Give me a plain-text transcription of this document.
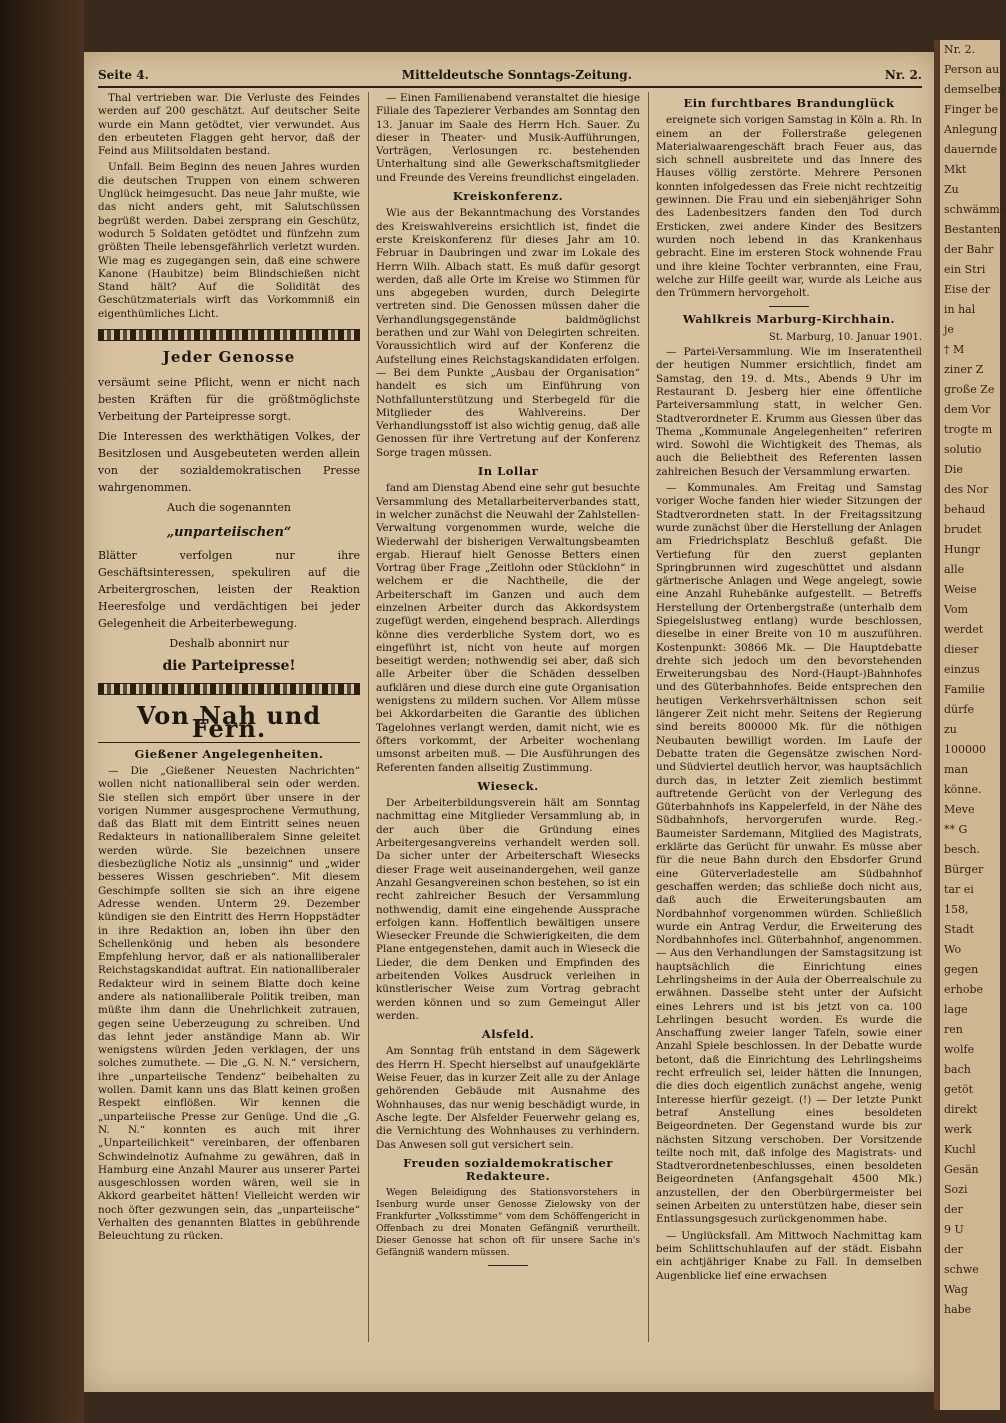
Seite 4.	Mitteldeutsche Sonntags-Zeitung.	Nr. 2.

Thal vertrieben war. Die Verluste des Feindes werden auf 200 geschätzt. Auf deutscher Seite wurde ein Mann getödtet, vier verwundet. Aus den erbeuteten Flaggen geht hervor, daß der Feind aus Militsoldaten bestand.

Unfall. Beim Beginn des neuen Jahres wurden die deutschen Truppen von einem schweren Unglück heimgesucht. Das neue Jahr mußte, wie das nicht anders geht, mit Salutschüssen begrüßt werden. Dabei zersprang ein Geschütz, wodurch 5 Soldaten getödtet und fünfzehn zum größten Theile lebensgefährlich verletzt wurden. Wie mag es zugegangen sein, daß eine schwere Kanone (Haubitze) beim Blindschießen nicht Stand hält? Auf die Solidität des Geschützmaterials wirft das Vorkommniß ein eigenthümliches Licht.

Jeder Genosse

versäumt seine Pflicht, wenn er nicht nach besten Kräften für die größtmöglichste Verbeitung der Parteipresse sorgt.

Die Interessen des werkthätigen Volkes, der Besitzlosen und Ausgebeuteten werden allein von der sozialdemokratischen Presse wahrgenommen.

Auch die sogenannten

„unparteiischen“

Blätter verfolgen nur ihre Geschäftsinteressen, spekuliren auf die Arbeitergroschen, leisten der Reaktion Heeresfolge und verdächtigen bei jeder Gelegenheit die Arbeiterbewegung.

Deshalb abonnirt nur

die Parteipresse!
Von Nah und Fern.
Gießener Angelegenheiten.

— Die „Gießener Neuesten Nachrichten“ wollen nicht nationalliberal sein oder werden. Sie stellen sich empört über unsere in der vorigen Nummer ausgesprochene Vermuthung, daß das Blatt mit dem Eintritt seines neuen Redakteurs in nationalliberalem Sinne geleitet werden würde. Sie bezeichnen unsere diesbezügliche Notiz als „unsinnig“ und „wider besseres Wissen geschrieben“. Mit diesem Geschimpfe sollten sie sich an ihre eigene Adresse wenden. Unterm 29. Dezember kündigen sie den Eintritt des Herrn Hoppstädter in ihre Redaktion an, loben ihn über den Schellenkönig und heben als besondere Empfehlung hervor, daß er als nationalliberaler Reichstagskandidat auftrat. Ein nationalliberaler Redakteur wird in seinem Blatte doch keine andere als nationalliberale Politik treiben, man müßte ihm dann die Unehrlichkeit zutrauen, gegen seine Ueberzeugung zu schreiben. Und das lehnt jeder anständige Mann ab. Wir wenigstens würden Jeden verklagen, der uns solches zumuthete. — Die „G. N. N.“ versichern, ihre „unparteiische Tendenz“ beibehalten zu wollen. Damit kann uns das Blatt keinen großen Respekt einflößen. Wir kennen die „unparteiische Presse zur Genüge. Und die „G. N. N.“ konnten es auch mit ihrer „Unparteilichkeit“ vereinbaren, der offenbaren Schwindelnotiz Aufnahme zu gewähren, daß in Hamburg eine Anzahl Maurer aus unserer Partei ausgeschlossen worden wären, weil sie in Akkord gearbeitet hätten! Vielleicht werden wir noch öfter gezwungen sein, das „unparteiische“ Verhalten des genannten Blattes in gebührende Beleuchtung zu rücken.

— Einen Familienabend veranstaltet die hiesige Filiale des Tapezierer Verbandes am Sonntag den 13. Januar im Saale des Herrn Hch. Sauer. Zu dieser in Theater- und Musik-Aufführungen, Vorträgen, Verlosungen rc. bestehenden Unterhaltung sind alle Gewerkschaftsmitglieder und Freunde des Vereins freundlichst eingeladen.

Kreiskonferenz.

Wie aus der Bekanntmachung des Vorstandes des Kreiswahlvereins ersichtlich ist, findet die erste Kreiskonferenz für dieses Jahr am 10. Februar in Daubringen und zwar im Lokale des Herrn Wilh. Albach statt. Es muß dafür gesorgt werden, daß alle Orte im Kreise wo Stimmen für uns abgegeben wurden, durch Delegirte vertreten sind. Die Genossen müssen daher die Verhandlungsgegenstände baldmöglichst berathen und zur Wahl von Delegirten schreiten. Voraussichtlich wird auf der Konferenz die Aufstellung eines Reichstagskandidaten erfolgen. — Bei dem Punkte „Ausbau der Organisation“ handelt es sich um Einführung von Nothfallunterstützung und Sterbegeld für die Mitglieder des Wahlvereins. Der Verhandlungsstoff ist also wichtig genug, daß alle Genossen für ihre Vertretung auf der Konferenz Sorge tragen müssen.

In Lollar

fand am Dienstag Abend eine sehr gut besuchte Versammlung des Metallarbeiterverbandes statt, in welcher zunächst die Neuwahl der Zahlstellen-Verwaltung vorgenommen wurde, welche die Wiederwahl der bisherigen Verwaltungsbeamten ergab. Hierauf hielt Genosse Betters einen Vortrag über Frage „Zeitlohn oder Stücklohn“ in welchem er die Nachtheile, die der Arbeiterschaft im Ganzen und auch dem einzelnen Arbeiter durch das Akkordsystem zugefügt werden, eingehend besprach. Allerdings könne dies verderbliche System dort, wo es eingeführt ist, nicht von heute auf morgen beseitigt werden; nothwendig sei aber, daß sich alle Arbeiter über die Schäden desselben aufklären und diese durch eine gute Organisation wenigstens zu mildern suchen. Vor Allem müsse bei Akkordarbeiten die Garantie des üblichen Tagelohnes verlangt werden, damit nicht, wie es öfters vorkommt, der Arbeiter wochenlang umsonst arbeiten muß. — Die Ausführungen des Referenten fanden allseitig Zustimmung.

Wieseck.

Der Arbeiterbildungsverein hält am Sonntag nachmittag eine Mitglieder Versammlung ab, in der auch über die Gründung eines Arbeitergesangvereins verhandelt werden soll. Da sicher unter der Arbeiterschaft Wiesecks dieser Frage weit auseinandergehen, weil ganze Anzahl Gesangvereinen schon bestehen, so ist ein recht zahlreicher Besuch der Versammlung nothwendig, damit eine eingehende Aussprache erfolgen kann. Hoffentlich bewältigen unsere Wiesecker Freunde die Schwierigkeiten, die dem Plane entgegenstehen, damit auch in Wieseck die Lieder, die dem Denken und Empfinden des arbeitenden Volkes Ausdruck verleihen in künstlerischer Weise zum Vortrag gebracht werden können und so zum Gemeingut Aller werden.

Alsfeld.

Am Sonntag früh entstand in dem Sägewerk des Herrn H. Specht hierselbst auf unaufgeklärte Weise Feuer, das in kurzer Zeit alle zu der Anlage gehörenden Gebäude mit Ausnahme des Wohnhauses, das nur wenig beschädigt wurde, in Asche legte. Der Alsfelder Feuerwehr gelang es, die Vernichtung des Wohnhauses zu verhindern. Das Anwesen soll gut versichert sein.

Freuden sozialdemokratischer Redakteure.

Wegen Beleidigung des Stationsvorstehers in Isenburg wurde unser Genosse Zielowsky von der Frankfurter „Volksstimme“ vom dem Schöffengericht in Offenbach zu drei Monaten Gefängniß verurtheilt. Dieser Genosse hat schon oft für unsere Sache in's Gefängniß wandern müssen.

Ein furchtbares Brandunglück

ereignete sich vorigen Samstag in Köln a. Rh. In einem an der Follerstraße gelegenen Materialwaarengeschäft brach Feuer aus, das sich schnell ausbreitete und das Innere des Hauses völlig zerstörte. Mehrere Personen konnten infolgedessen das Freie nicht rechtzeitig gewinnen. Die Frau und ein siebenjähriger Sohn des Ladenbesitzers fanden den Tod durch Ersticken, zwei andere Kinder des Besitzers wurden noch lebend in das Krankenhaus gebracht. Eine im ersteren Stock wohnende Frau und ihre kleine Tochter verbrannten, eine Frau, welche zur Hilfe geeilt war, wurde als Leiche aus den Trümmern hervorgeholt.

Wahlkreis Marburg-Kirchhain.
St. Marburg, 10. Januar 1901.

— Partei-Versammlung. Wie im Inseratentheil der heutigen Nummer ersichtlich, findet am Samstag, den 19. d. Mts., Abends 9 Uhr im Restaurant D. Jesberg hier eine öffentliche Parteiversammlung statt, in welcher Gen. Stadtverordneter E. Krumm aus Giessen über das Thema „Kommunale Angelegenheiten“ referiren wird. Sowohl die Wichtigkeit des Themas, als auch die Beliebtheit des Referenten lassen zahlreichen Besuch der Versammlung erwarten.

— Kommunales. Am Freitag und Samstag voriger Woche fanden hier wieder Sitzungen der Stadtverordneten statt. In der Freitagssitzung wurde zunächst über die Herstellung der Anlagen am Friedrichsplatz Beschluß gefaßt. Die Vertiefung für den zuerst geplanten Springbrunnen wird zugeschüttet und alsdann gärtnerische Anlagen und Wege angelegt, sowie eine Anzahl Ruhebänke aufgestellt. — Betreffs Herstellung der Ortenbergstraße (unterhalb dem Spiegelslustweg entlang) wurde beschlossen, dieselbe in einer Breite von 10 m auszuführen. Kostenpunkt: 30866 Mk. — Die Hauptdebatte drehte sich jedoch um den bevorstehenden Erweiterungsbau des Nord-(Haupt-)Bahnhofes und des Güterbahnhofes. Beide entsprechen den heutigen Verkehrsverhältnissen schon seit längerer Zeit nicht mehr. Seitens der Regierung sind bereits 800000 Mk. für die nöthigen Neubauten bewilligt worden. Im Laufe der Debatte traten die Gegensätze zwischen Nord- und Südviertel deutlich hervor, was hauptsächlich durch das, in letzter Zeit ziemlich bestimmt auftretende Gerücht von der Verlegung des Güterbahnhofs ins Kappelerfeld, in der Nähe des Südbahnhofs, hervorgerufen wurde. Reg.-Baumeister Sardemann, Mitglied des Magistrats, erklärte das Gerücht für unwahr. Es müsse aber für die neue Bahn durch den Ebsdorfer Grund eine Güterverladestelle am Südbahnhof geschaffen werden; das schließe doch nicht aus, daß auch die Erweiterungsbauten am Nordbahnhof vorgenommen würden. Schließlich wurde ein Antrag Verdur, die Erweiterung des Nordbahnhofes incl. Güterbahnhof, angenommen. — Aus den Verhandlungen der Samstagsitzung ist hauptsächlich die Einrichtung eines Lehrlingsheims in der Aula der Oberrealschule zu erwähnen. Dasselbe steht unter der Aufsicht eines Lehrers und ist bis jetzt von ca. 100 Lehrlingen besucht worden. Es wurde die Anschaffung zweier langer Tafeln, sowie einer Anzahl Spiele beschlossen. In der Debatte wurde betont, daß die Einrichtung des Lehrlingsheims recht erfreulich sei, leider hätten die Innungen, die dies doch eigentlich zunächst angehe, wenig Interesse hierfür gezeigt. (!) — Der letzte Punkt betraf Anstellung eines besoldeten Beigeordneten. Der Gegenstand wurde bis zur nächsten Sitzung verschoben. Der Vorsitzende teilte noch mit, daß infolge des Magistrats- und Stadtverordnetenbeschlusses, einen besoldeten Beigeordneten (Anfangsgehalt 4500 Mk.) anzustellen, der den Oberbürgermeister bei seinen Arbeiten zu unterstützen habe, dieser sein Entlassungsgesuch zurückgenommen habe.

— Unglücksfall. Am Mittwoch Nachmittag kam beim Schlittschuhlaufen auf der städt. Eisbahn ein achtjähriger Knabe zu Fall. In demselben Augenblicke lief eine erwachsen

Nr. 2.
Person au
demselben
Finger be
Anlegung
dauernde
Mkt
Zu
schwämme
Bestanten
der Bahr
ein Stri
Eise der
in hal
je
† M
ziner Z
große Ze
dem Vor
trogte m
solutio
Die
des Nor
behaud
brudet
Hungr
alle
Weise
Vom
werdet
dieser
einzus
Familie
dürfe
zu
100000
man
könne.
Meve
** G
besch.
Bürger
tar ei
158,
Stadt
Wo
gegen
erhobe
lage
ren
wolfe
bach
getöt
direkt
werk
Kuchl
Gesän
Sozi
der
9 U
der
schwe
Wag
habe
